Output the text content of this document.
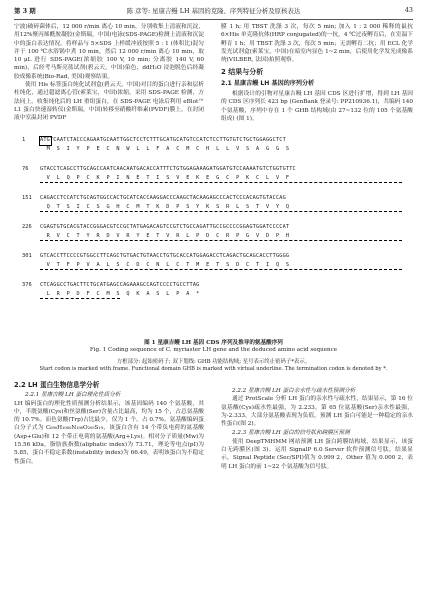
第 3 期	陈 彦等: 星康吉鳗 LH 基因的克隆、序列特征分析及原核表达	43

宁波)破碎菌体后，12 000 r/min 离心 10 min，分别收集上清液和沉淀，用12%聚丙烯酰胺凝胶(金斯瑞，中国)电泳(SDS-PAGE)检测上清液和沉淀中的蛋白表达情况。将样品与 5×SDS 上样缓冲液按照 5 : 1 (体积比)混匀并于 100 ℃水浴锅中煮 10 min，然后 12 000 r/min 离心 10 min，取 10 μL 进行 SDS-PAGE(浓缩胶 100 V, 10 min; 分离胶 140 V, 60 min)，后经考马斯亮蓝试剂(碧云天，中国)染色，ddH₂O 浸泡脱色后经凝胶成像系统(Bio-Rad, 美国)观察结果。

使用 His 标签蛋白纯化试剂盒(碧云天，中国)对目的蛋白进行亲和层析柱纯化，通过超滤离心管(索莱宝，中国)浓缩，采用 SDS-PAGE 检测，方法同上。收集纯化后的 LH 重组蛋白，在 SDS-PAGE 电泳后利用 eBlot™ L1 蛋白快速湿转仪(金斯瑞，中国)转移至硝酸纤维素(PVDF)膜上，在封闭液中室温封闭 PVDF

膜 1 h; 用 TBST 洗涤 3 次，每次 5 min; 加入 1 : 2 000 稀释的鼠抗 6×His 单克隆抗体(HRP conjugated)的一抗，4 ℃过夜孵育后，在室温下孵育 1 h；用 TBST 洗涤 3 次，每次 5 min；无需孵育二抗；用 ECL 化学发光试剂盒(索莱宝，中国)在暗室内显色 1~2 min，后使用化学发光成像系统(VILBER, 法国)拍照观察。

2 结果与分析
2.1 星康吉鳗 LH 基因的序列分析

根据设计的引物对星康吉鳗 LH 基因 CDS 区进行扩增，得到 LH 基因的 CDS 区序列长 423 bp (GenBank 登录号: PP210936.1)，共编码 140 个氨基酸，序列中存在 1 个 GHB 结构域(由 27~132 位的 105 个氨基酸组成) (图 1)。

1	ATGTCAATCTACCCAGAATGCAATTGGCTCCTCTTTGCATGCATGTCCATCTCCTTGTGTCTGCTGGAGGCTCT
M  S  I  Y  P  E  C  N  W  L  L  F  A  C  M  C  H  L  L  V  S  A  G  G  S
76	GTACCTCAGCCTTGCAGCCAATCAACAATGACACCATTTCTGTGGAGAAAGATGGATGTCCAAAATGTCTGGTGTTC
V  L  Q  P  C  K  P  I  N  E  T  I  S  V  E  K  E  G  C  P  K  C  L  V  F
151	CAGACCTCCATCTGCAGTGGCCACTGCATCACCAAGGACCCAAGCTACAAGAGCCCACTCCCACAGTGTACCAG
Q  T  S  I  C  S  G  H  C  M  T  K  D  P  S  Y  K  S  R  L  S  T  V  Y  Q
226	CGAGTGTGCACGTACCGGGACGTCCGCTATGAGACAGTCCGTCTGCCAGATTGCCGCCCCGGAGTGGATCCCCAT
R  V  C  T  Y  R  D  V  R  Y  E  T  V  R  L  P  D  C  R  P  G  V  D  P  H
301	GTCACCTTCCCCGTGGCCTTCAGCTGTGACTGTAACCTGTGCACCATGGAGACCTCAGACTGCAGCACCTTGGGG
V  T  F  P  V  A  L  S  C  D  C  N  L  C  T  M  E  T  S  D  C  T  I  Q  S
376	CTCAGGCCTGACTTCTGCATGAGCCAGAAAGCCAGTCCCCTGCCTTAG
L  R  P  D  F  C  M  S  Q  K  A  S  L  P  A  *
图 1 星康吉鳗 LH 基因 CDS 序列及推导的氨基酸序列
Fig. 1 Coding sequence of C. myriaster LH gene and the deduced amino acid sequence
方框部分: 起始密码子; 双下划线: GHB 功能结构域; 星号表示终止密码子*表示。
Start codon is marked with frame. Functional domain GHB is marked with virtual underline. The termination codon is denoted by *.
2.2 LH 蛋白生物信息学分析
2.2.1 星康吉鳗 LH 蛋白理化性质分析

LH 编码蛋白的理化性质预测分析结果示，该基因编码 140 个氨基酸，其中，半胱氨酸(Cys)和丝氨酸(Ser)含量占比最高，均为 15 个，占总氨基酸的 10.7%。而色氨酸(Trp)占比最少，仅为 1 个，占 0.7%。氨基酸编码蛋白分子式为 C₆₉₀H₁₀₈₀N₁₉₀O₂₀₅S₁₉，该蛋白含有 14 个带负电荷的氨基酸(Asp+Glu)和 12 个带正电荷的氨基酸(Arg+Lys)。相对分子质量(Mw)为 15.56 kDa，脂肪族指数(aliphatic index)为 73.71，理论等电点(pI)为 5.85，蛋白不稳定系数(instability index)为 66.49，表明该蛋白为不稳定性蛋白。

2.2.2 星康吉鳗 LH 蛋白亲水性与疏水性预测分析

通过 ProtScale 分析 LH 蛋白的亲水性与疏水性，结果显示，第 16 位氨基酸(Cys)疏水性最强，为 2.233，第 65 位氨基酸(Ser)亲水性最强，为-2.333。大部分氨基酸表现为负值，预测 LH 蛋白可能是一种稳定的亲水性蛋白(图 2)。

2.2.3 星康吉鳗 LH 蛋白的信号肽和跨膜区预测

使用 DeepTMHMM 网站预测 LH 蛋白跨膜结构域，结果显示，该蛋白无跨膜区(图 3)。运用 SignalP 6.0 Server 软件预测信号肽，结果显示，Signal Peptide (Sec/SPI)值为 0.999 2，Other 值为 0.000 2，表明 LH 蛋白的前 1~22 个氨基酸为信号肽。
